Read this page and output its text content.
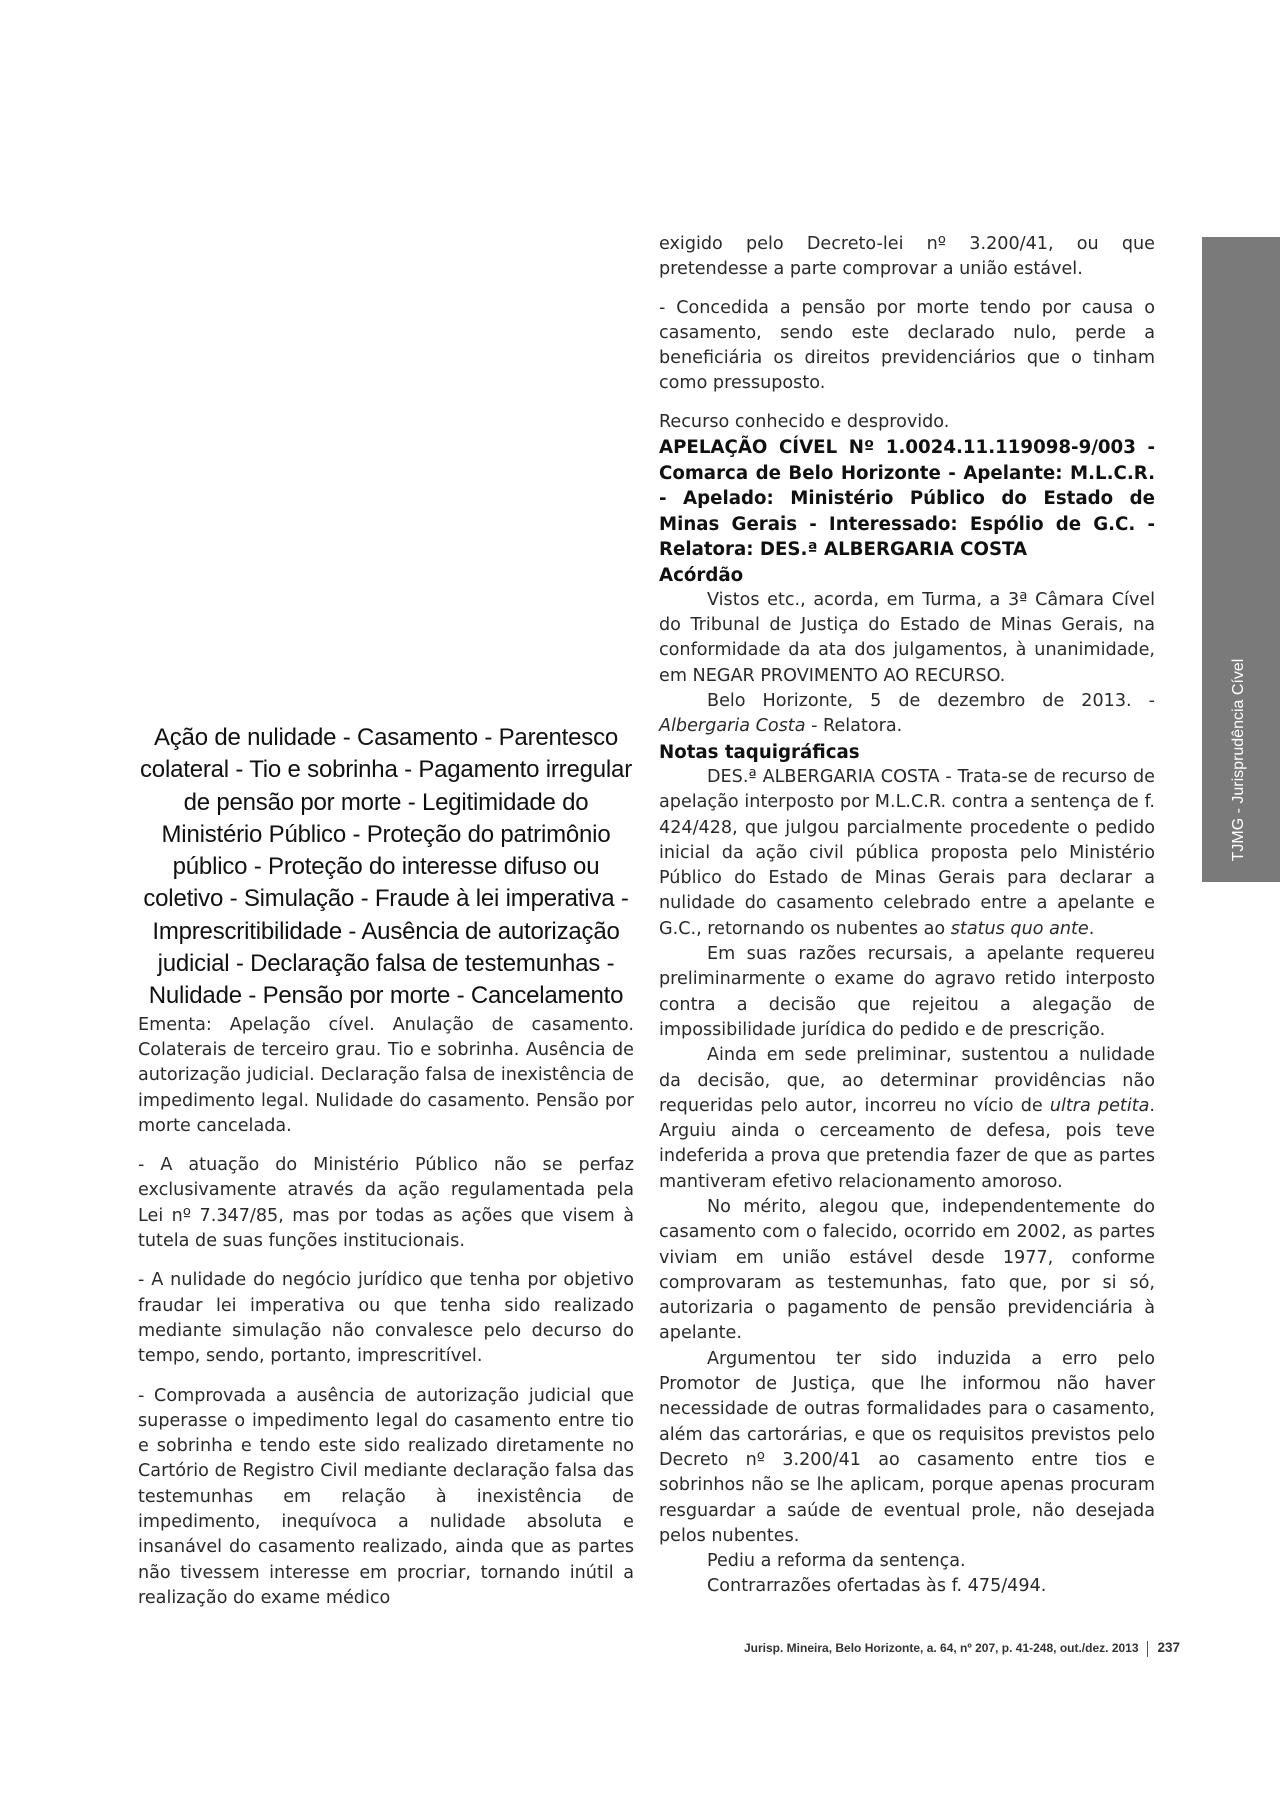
TJMG - Jurisprudência Cível

exigido pelo Decreto-lei nº 3.200/41, ou que pretendesse a parte comprovar a união estável.

- Concedida a pensão por morte tendo por causa o casamento, sendo este declarado nulo, perde a beneficiária os direitos previdenciários que o tinham como pressuposto.

Recurso conhecido e desprovido.

APELAÇÃO CÍVEL Nº 1.0024.11.119098-9/003 - Comarca de Belo Horizonte - Apelante: M.L.C.R. - Apelado: Ministério Público do Estado de Minas Gerais - Interessado: Espólio de G.C. - Relatora: DES.ª ALBERGARIA COSTA

Acórdão

Vistos etc., acorda, em Turma, a 3ª Câmara Cível do Tribunal de Justiça do Estado de Minas Gerais, na conformidade da ata dos julgamentos, à unanimidade, em NEGAR PROVIMENTO AO RECURSO.

Belo Horizonte, 5 de dezembro de 2013. - Albergaria Costa - Relatora.

Notas taquigráficas

DES.ª ALBERGARIA COSTA - Trata-se de recurso de apelação interposto por M.L.C.R. contra a sentença de f. 424/428, que julgou parcialmente procedente o pedido inicial da ação civil pública proposta pelo Ministério Público do Estado de Minas Gerais para declarar a nulidade do casamento celebrado entre a apelante e G.C., retornando os nubentes ao status quo ante.

Em suas razões recursais, a apelante requereu preliminarmente o exame do agravo retido interposto contra a decisão que rejeitou a alegação de impossibilidade jurídica do pedido e de prescrição.

Ainda em sede preliminar, sustentou a nulidade da decisão, que, ao determinar providências não requeridas pelo autor, incorreu no vício de ultra petita. Arguiu ainda o cerceamento de defesa, pois teve indeferida a prova que pretendia fazer de que as partes mantiveram efetivo relacionamento amoroso.

No mérito, alegou que, independentemente do casamento com o falecido, ocorrido em 2002, as partes viviam em união estável desde 1977, conforme comprovaram as testemunhas, fato que, por si só, autorizaria o pagamento de pensão previdenciária à apelante.

Argumentou ter sido induzida a erro pelo Promotor de Justiça, que lhe informou não haver necessidade de outras formalidades para o casamento, além das cartorárias, e que os requisitos previstos pelo Decreto nº 3.200/41 ao casamento entre tios e sobrinhos não se lhe aplicam, porque apenas procuram resguardar a saúde de eventual prole, não desejada pelos nubentes.

Pediu a reforma da sentença.

Contrarrazões ofertadas às f. 475/494.

Ação de nulidade - Casamento - Parentesco colateral - Tio e sobrinha - Pagamento irregular de pensão por morte - Legitimidade do Ministério Público - Proteção do patrimônio público - Proteção do interesse difuso ou coletivo - Simulação - Fraude à lei imperativa - Imprescritibilidade - Ausência de autorização judicial - Declaração falsa de testemunhas - Nulidade - Pensão por morte - Cancelamento

Ementa: Apelação cível. Anulação de casamento. Colaterais de terceiro grau. Tio e sobrinha. Ausência de autorização judicial. Declaração falsa de inexistência de impedimento legal. Nulidade do casamento. Pensão por morte cancelada.

- A atuação do Ministério Público não se perfaz exclusivamente através da ação regulamentada pela Lei nº 7.347/85, mas por todas as ações que visem à tutela de suas funções institucionais.

- A nulidade do negócio jurídico que tenha por objetivo fraudar lei imperativa ou que tenha sido realizado mediante simulação não convalesce pelo decurso do tempo, sendo, portanto, imprescritível.

- Comprovada a ausência de autorização judicial que superasse o impedimento legal do casamento entre tio e sobrinha e tendo este sido realizado diretamente no Cartório de Registro Civil mediante declaração falsa das testemunhas em relação à inexistência de impedimento, inequívoca a nulidade absoluta e insanável do casamento realizado, ainda que as partes não tivessem interesse em procriar, tornando inútil a realização do exame médico

Jurisp. Mineira, Belo Horizonte, a. 64, nº 207, p. 41-248, out./dez. 2013 237
